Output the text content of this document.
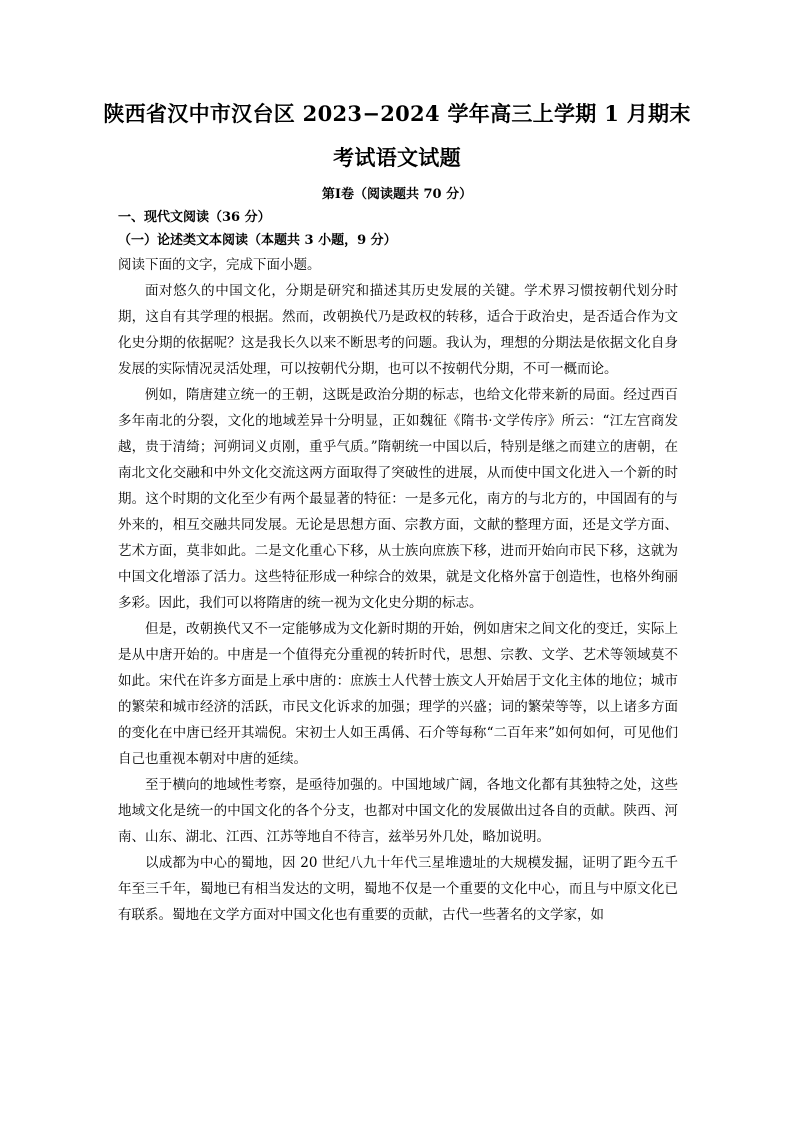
陕西省汉中市汉台区 2023−2024 学年高三上学期 1 月期末
考试语文试题
第Ⅰ卷（阅读题共 70 分）
一、现代文阅读（36 分）
（一）论述类文本阅读（本题共 3 小题，9 分）
阅读下面的文字，完成下面小题。

面对悠久的中国文化，分期是研究和描述其历史发展的关键。学术界习惯按朝代划分时期，这自有其学理的根据。然而，改朝换代乃是政权的转移，适合于政治史，是否适合作为文化史分期的依据呢？这是我长久以来不断思考的问题。我认为，理想的分期法是依据文化自身发展的实际情况灵活处理，可以按朝代分期，也可以不按朝代分期，不可一概而论。

例如，隋唐建立统一的王朝，这既是政治分期的标志，也给文化带来新的局面。经过西百多年南北的分裂，文化的地域差异十分明显，正如魏征《隋书·文学传序》所云：“江左宫商发越，贵于清绮；河朔词义贞刚，重乎气质。”隋朝统一中国以后，特别是继之而建立的唐朝，在南北文化交融和中外文化交流这两方面取得了突破性的进展，从而使中国文化进入一个新的时期。这个时期的文化至少有两个最显著的特征：一是多元化，南方的与北方的，中国固有的与外来的，相互交融共同发展。无论是思想方面、宗教方面，文献的整理方面，还是文学方面、艺术方面，莫非如此。二是文化重心下移，从士族向庶族下移，进而开始向市民下移，这就为中国文化增添了活力。这些特征形成一种综合的效果，就是文化格外富于创造性，也格外绚丽多彩。因此，我们可以将隋唐的统一视为文化史分期的标志。

但是，改朝换代又不一定能够成为文化新时期的开始，例如唐宋之间文化的变迁，实际上是从中唐开始的。中唐是一个值得充分重视的转折时代，思想、宗教、文学、艺术等领域莫不如此。宋代在许多方面是上承中唐的：庶族士人代替士族文人开始居于文化主体的地位；城市的繁荣和城市经济的活跃，市民文化诉求的加强；理学的兴盛；词的繁荣等等，以上诸多方面的变化在中唐已经开其端倪。宋初士人如王禹偁、石介等每称“二百年来”如何如何，可见他们自己也重视本朝对中唐的延续。

至于横向的地域性考察，是亟待加强的。中国地域广阔，各地文化都有其独特之处，这些地域文化是统一的中国文化的各个分支，也都对中国文化的发展做出过各自的贡献。陕西、河南、山东、湖北、江西、江苏等地自不待言，兹举另外几处，略加说明。

以成都为中心的蜀地，因 20 世纪八九十年代三星堆遗址的大规模发掘，证明了距今五千年至三千年，蜀地已有相当发达的文明，蜀地不仅是一个重要的文化中心，而且与中原文化已有联系。蜀地在文学方面对中国文化也有重要的贡献，古代一些著名的文学家，如
